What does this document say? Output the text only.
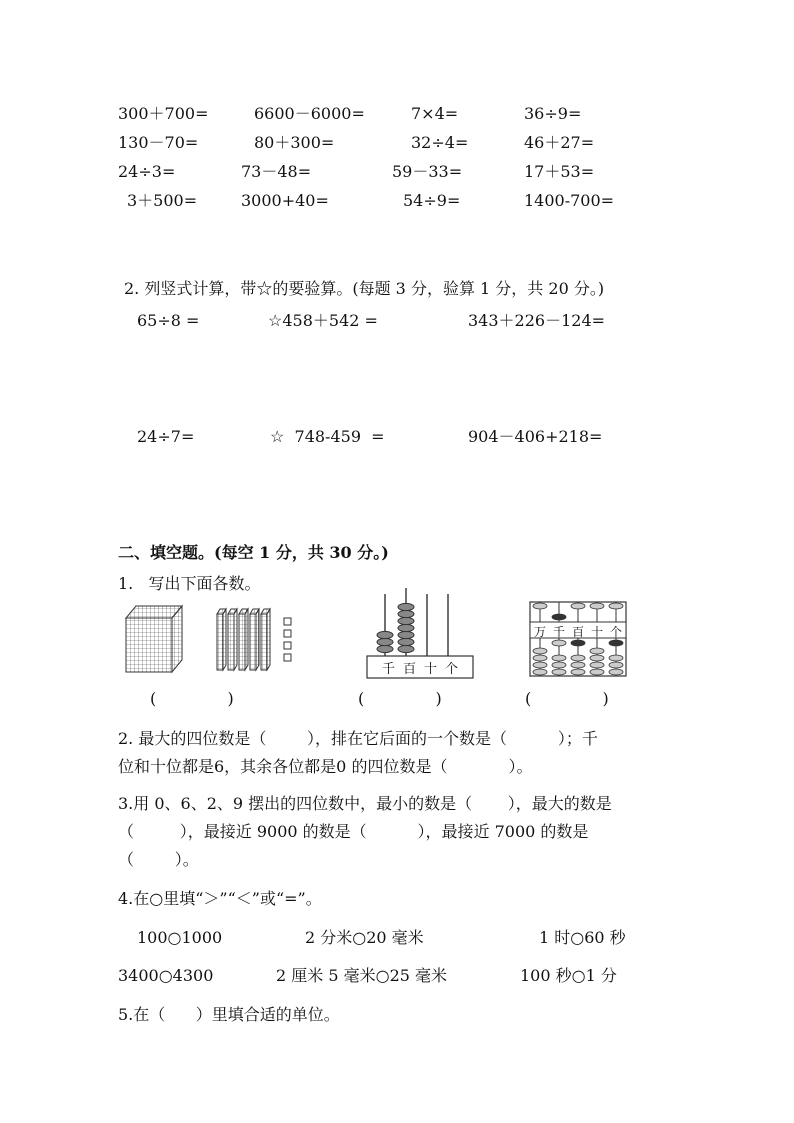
300＋700=	6600－6000=	7×4=	36÷9=
130－70=	80＋300=	32÷4=	46＋27=
24÷3=	73－48=	59－33=	17＋53=
3＋500=	3000+40=	54÷9=	1400-700=
2. 列竖式计算，带☆的要验算。(每题 3 分，验算 1 分，共 20 分。)
65÷8 =	☆458＋542 =	343＋226－124=
24÷7=	☆  748-459  =	904－406+218=
二、填空题。(每空 1 分，共 30 分。)
1.   写出下面各数。
千 百 十 个
万 千 百 十 个
(              )	(              )	(              )
2. 最大的四位数是（        ），排在它后面的一个数是（          ）；千
位和十位都是6，其余各位都是0 的四位数是（            ）。
3.用 0、6、2、9 摆出的四位数中，最小的数是（       ），最大的数是
（         ），最接近 9000 的数是（          ），最接近 7000 的数是
（        ）。
4.在○里填“＞”“＜”或“=”。
100○1000	2 分米○20 毫米	1 时○60 秒
3400○4300	2 厘米 5 毫米○25 毫米	100 秒○1 分
5.在（      ）里填合适的单位。
